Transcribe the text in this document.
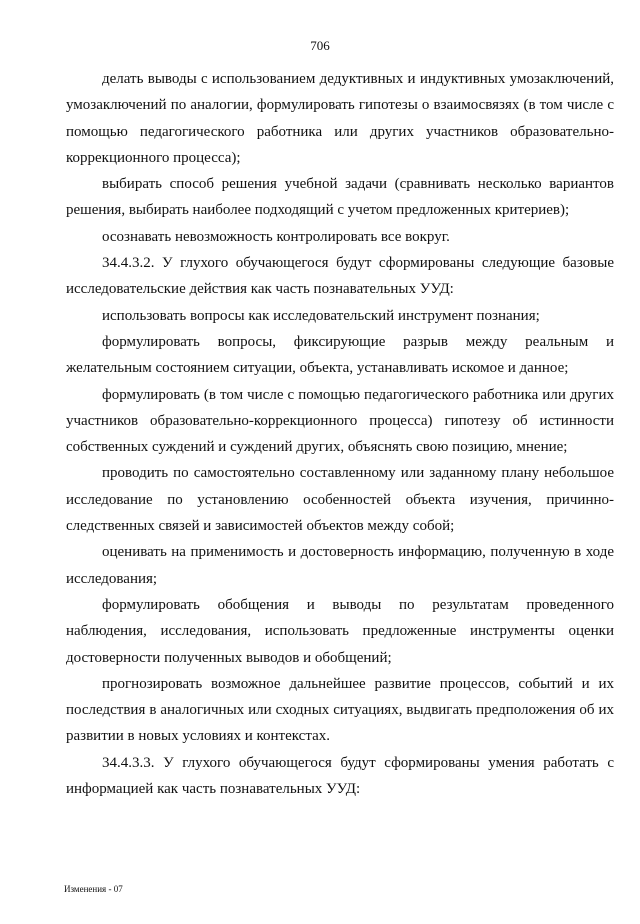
706

делать выводы с использованием дедуктивных и индуктивных умозаключений, умозаключений по аналогии, формулировать гипотезы о взаимосвязях (в том числе с помощью педагогического работника или других участников образовательно-коррекционного процесса);

выбирать способ решения учебной задачи (сравнивать несколько вариантов решения, выбирать наиболее подходящий с учетом предложенных критериев);

осознавать невозможность контролировать все вокруг.

34.4.3.2. У глухого обучающегося будут сформированы следующие базовые исследовательские действия как часть познавательных УУД:

использовать вопросы как исследовательский инструмент познания;

формулировать вопросы, фиксирующие разрыв между реальным и желательным состоянием ситуации, объекта, устанавливать искомое и данное;

формулировать (в том числе с помощью педагогического работника или других участников образовательно-коррекционного процесса) гипотезу об истинности собственных суждений и суждений других, объяснять свою позицию, мнение;

проводить по самостоятельно составленному или заданному плану небольшое исследование по установлению особенностей объекта изучения, причинно-следственных связей и зависимостей объектов между собой;

оценивать на применимость и достоверность информацию, полученную в ходе исследования;

формулировать обобщения и выводы по результатам проведенного наблюдения, исследования, использовать предложенные инструменты оценки достоверности полученных выводов и обобщений;

прогнозировать возможное дальнейшее развитие процессов, событий и их последствия в аналогичных или сходных ситуациях, выдвигать предположения об их развитии в новых условиях и контекстах.

34.4.3.3. У глухого обучающегося будут сформированы умения работать с информацией как часть познавательных УУД:

Изменения - 07
